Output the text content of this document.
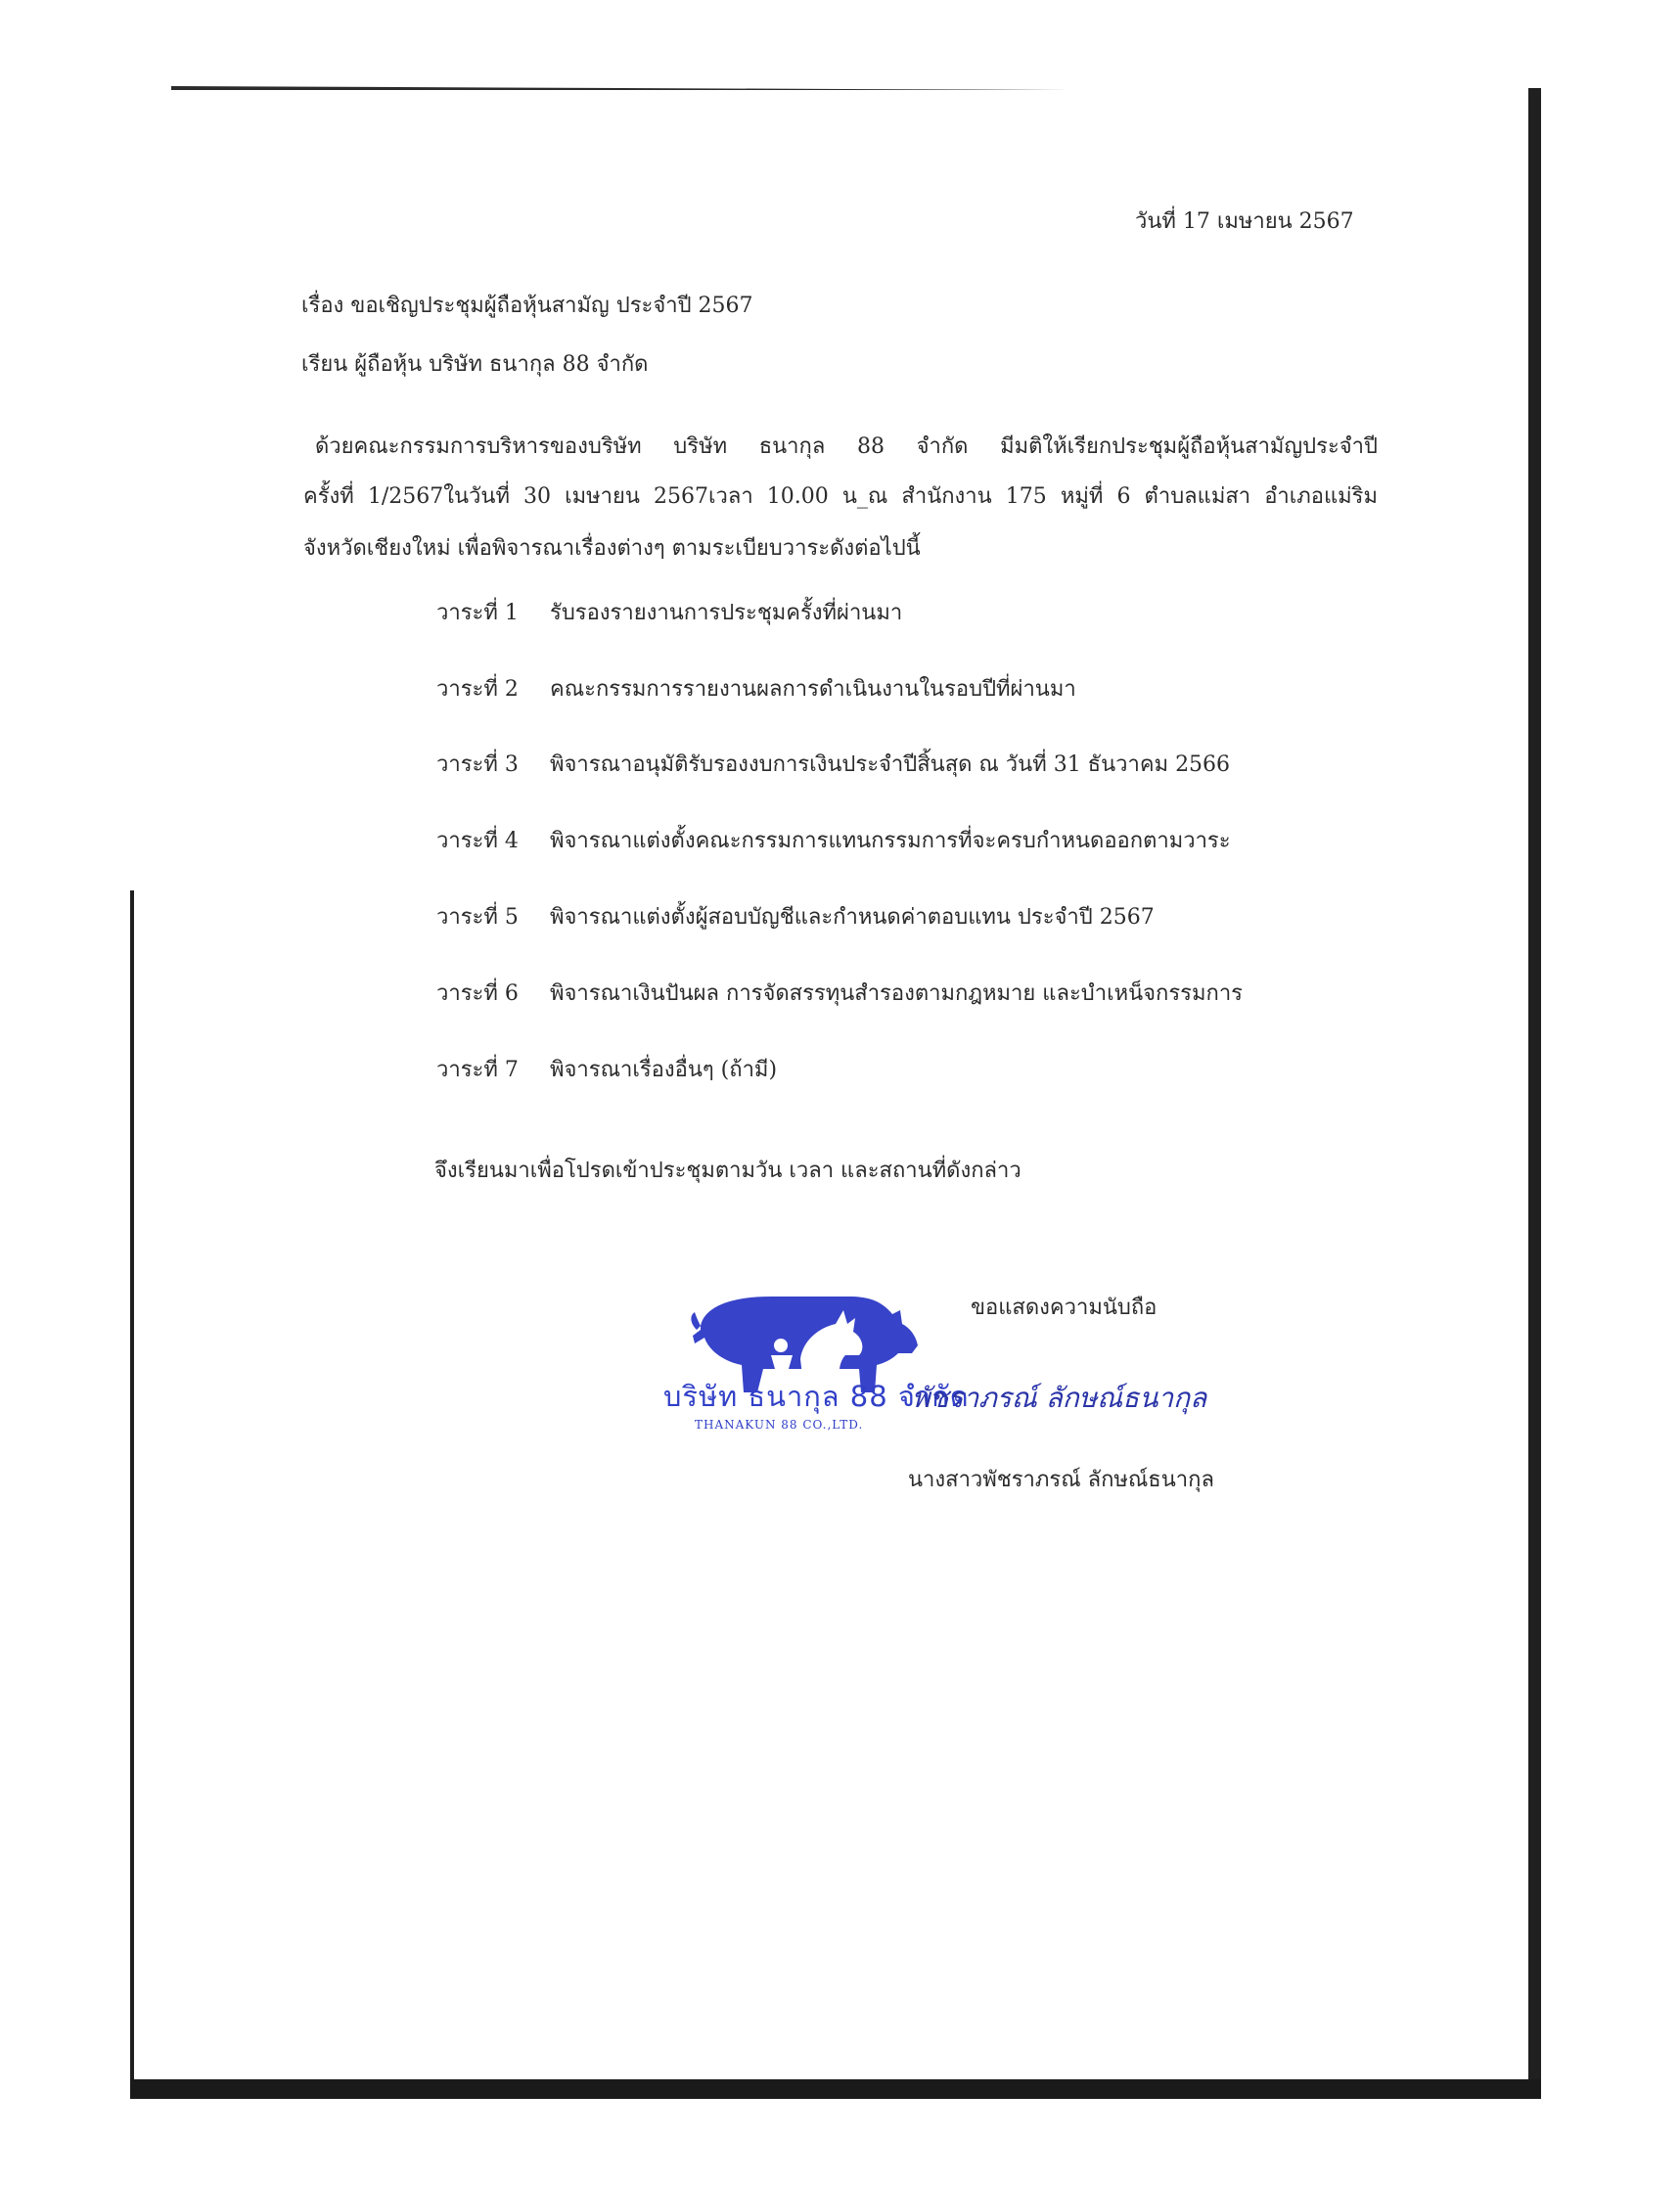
วันที่ 17 เมษายน 2567
เรื่อง ขอเชิญประชุมผู้ถือหุ้นสามัญ ประจำปี 2567
เรียน ผู้ถือหุ้น บริษัท ธนากุล 88 จำกัด
ด้วยคณะกรรมการบริหารของบริษัท บริษัท ธนากุล 88 จำกัด มีมติให้เรียกประชุมผู้ถือหุ้นสามัญประจำปี
ครั้งที่ 1/2567ในวันที่ 30 เมษายน 2567เวลา 10.00 น_ณ สำนักงาน 175 หมู่ที่ 6 ตำบลแม่สา อำเภอแม่ริม
จังหวัดเชียงใหม่ เพื่อพิจารณาเรื่องต่างๆ ตามระเบียบวาระดังต่อไปนี้
วาระที่ 1 รับรองรายงานการประชุมครั้งที่ผ่านมา
วาระที่ 2 คณะกรรมการรายงานผลการดำเนินงานในรอบปีที่ผ่านมา
วาระที่ 3 พิจารณาอนุมัติรับรองงบการเงินประจำปีสิ้นสุด ณ วันที่ 31 ธันวาคม 2566
วาระที่ 4 พิจารณาแต่งตั้งคณะกรรมการแทนกรรมการที่จะครบกำหนดออกตามวาระ
วาระที่ 5 พิจารณาแต่งตั้งผู้สอบบัญชีและกำหนดค่าตอบแทน ประจำปี 2567
วาระที่ 6 พิจารณาเงินปันผล การจัดสรรทุนสำรองตามกฎหมาย และบำเหน็จกรรมการ
วาระที่ 7 พิจารณาเรื่องอื่นๆ (ถ้ามี)
จึงเรียนมาเพื่อโปรดเข้าประชุมตามวัน เวลา และสถานที่ดังกล่าว
ขอแสดงความนับถือ
บริษัท ธนากุล 88 จำกัด
THANAKUN 88 CO.,LTD.
พัชราภรณ์ ลักษณ์ธนากุล
นางสาวพัชราภรณ์ ลักษณ์ธนากุล
